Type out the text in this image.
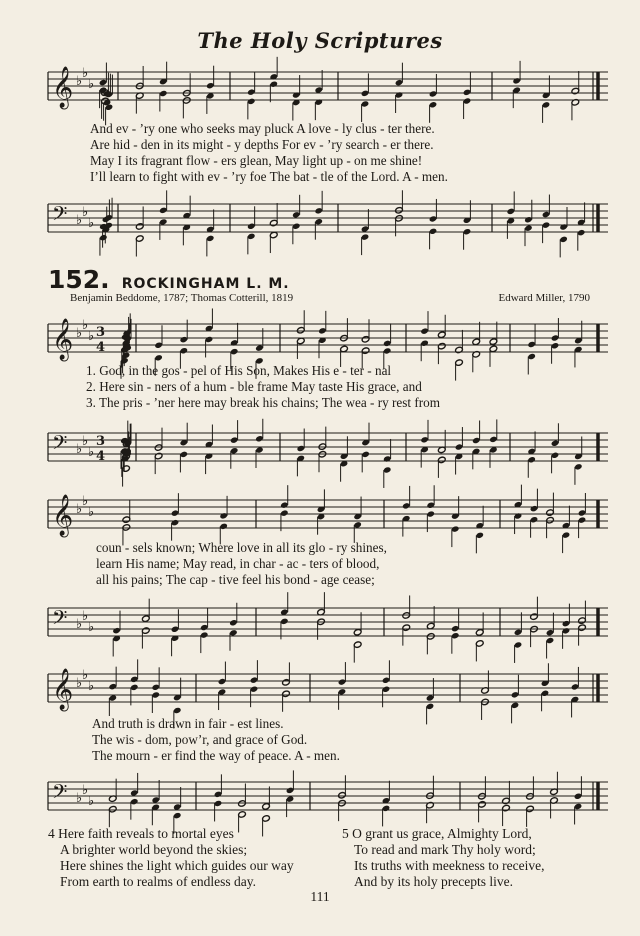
The Holy Scriptures
𝄞 ♭
♭
♭
And ev - ’ry one who seeks may pluck A love - ly clus - ter there.
Are hid - den in its might - y depths For ev - ’ry search - er there.
May I its fragrant flow - ers glean, May light up - on me shine!
I’ll learn to fight with ev - ’ry foe The bat - tle of the Lord. A - men.
𝄢 ♭
♭
♭
152. ROCKINGHAM L. M.
Benjamin Beddome, 1787; Thomas Cotterill, 1819	Edward Miller, 1790
𝄞 ♭
♭
♭ 3
4
1. God, in the gos - pel of His Son, Makes His e - ter - nal
2. Here sin - ners of a hum - ble frame May taste His grace, and
3. The pris - ’ner here may break his chains; The wea - ry rest from
𝄢 ♭
♭
♭
3
4
𝄞 ♭
♭
♭
coun - sels known; Where love in all its glo - ry shines,
learn His name; May read, in char - ac - ters of blood,
all his pains; The cap - tive feel his bond - age cease;
𝄢 ♭
♭
♭
𝄞 ♭
♭
♭
And truth is drawn in fair - est lines.
The wis - dom, pow’r, and grace of God.
The mourn - er find the way of peace. A - men.
𝄢 ♭
♭
♭
4 Here faith reveals to mortal eyes
A brighter world beyond the skies;
Here shines the light which guides our way
From earth to realms of endless day.
5 O grant us grace, Almighty Lord,
To read and mark Thy holy word;
Its truths with meekness to receive,
And by its holy precepts live.
111
